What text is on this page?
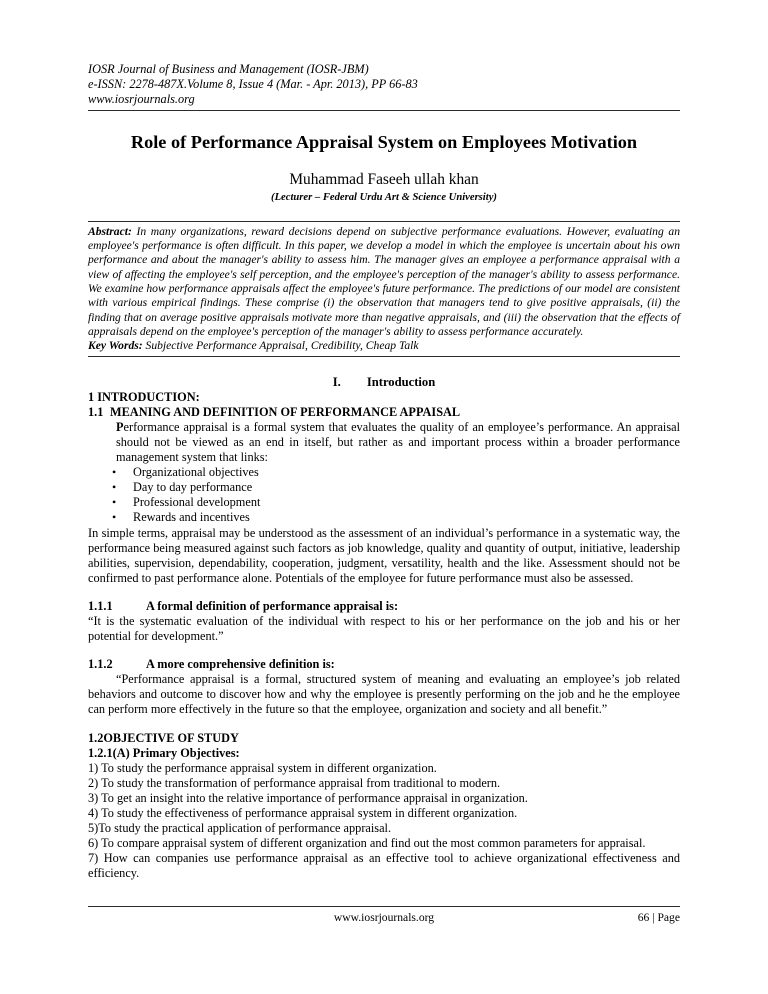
IOSR Journal of Business and Management (IOSR-JBM)
e-ISSN: 2278-487X.Volume 8, Issue 4 (Mar. - Apr. 2013), PP 66-83
www.iosrjournals.org
Role of Performance Appraisal System on Employees Motivation
Muhammad Faseeh ullah khan
(Lecturer – Federal Urdu Art & Science University)
Abstract: In many organizations, reward decisions depend on subjective performance evaluations. However, evaluating an employee's performance is often difficult. In this paper, we develop a model in which the employee is uncertain about his own performance and about the manager's ability to assess him. The manager gives an employee a performance appraisal with a view of affecting the employee's self perception, and the employee's perception of the manager's ability to assess performance. We examine how performance appraisals affect the employee's future performance. The predictions of our model are consistent with various empirical findings. These comprise (i) the observation that managers tend to give positive appraisals, (ii) the finding that on average positive appraisals motivate more than negative appraisals, and (iii) the observation that the effects of appraisals depend on the employee's perception of the manager's ability to assess performance accurately.
Key Words: Subjective Performance Appraisal, Credibility, Cheap Talk
I. Introduction
1 INTRODUCTION:
1.1 MEANING AND DEFINITION OF PERFORMANCE APPAISAL

Performance appraisal is a formal system that evaluates the quality of an employee’s performance. An appraisal should not be viewed as an end in itself, but rather as and important process within a broader performance management system that links:

• Organizational objectives
• Day to day performance
• Professional development
• Rewards and incentives

In simple terms, appraisal may be understood as the assessment of an individual’s performance in a systematic way, the performance being measured against such factors as job knowledge, quality and quantity of output, initiative, leadership abilities, supervision, dependability, cooperation, judgment, versatility, health and the like. Assessment should not be confirmed to past performance alone. Potentials of the employee for future performance must also be assessed.

1.1.1	A formal definition of performance appraisal is:

“It is the systematic evaluation of the individual with respect to his or her performance on the job and his or her potential for development.”

1.1.2	A more comprehensive definition is:

“Performance appraisal is a formal, structured system of meaning and evaluating an employee’s job related behaviors and outcome to discover how and why the employee is presently performing on the job and he the employee can perform more effectively in the future so that the employee, organization and society and all benefit.”

1.2OBJECTIVE OF STUDY
1.2.1(A) Primary Objectives:
1) To study the performance appraisal system in different organization.
2) To study the transformation of performance appraisal from traditional to modern.
3) To get an insight into the relative importance of performance appraisal in organization.
4) To study the effectiveness of performance appraisal system in different organization.
5)To study the practical application of performance appraisal.
6) To compare appraisal system of different organization and find out the most common parameters for appraisal.
7) How can companies use performance appraisal as an effective tool to achieve organizational effectiveness and efficiency.
www.iosrjournals.org	66 | Page
